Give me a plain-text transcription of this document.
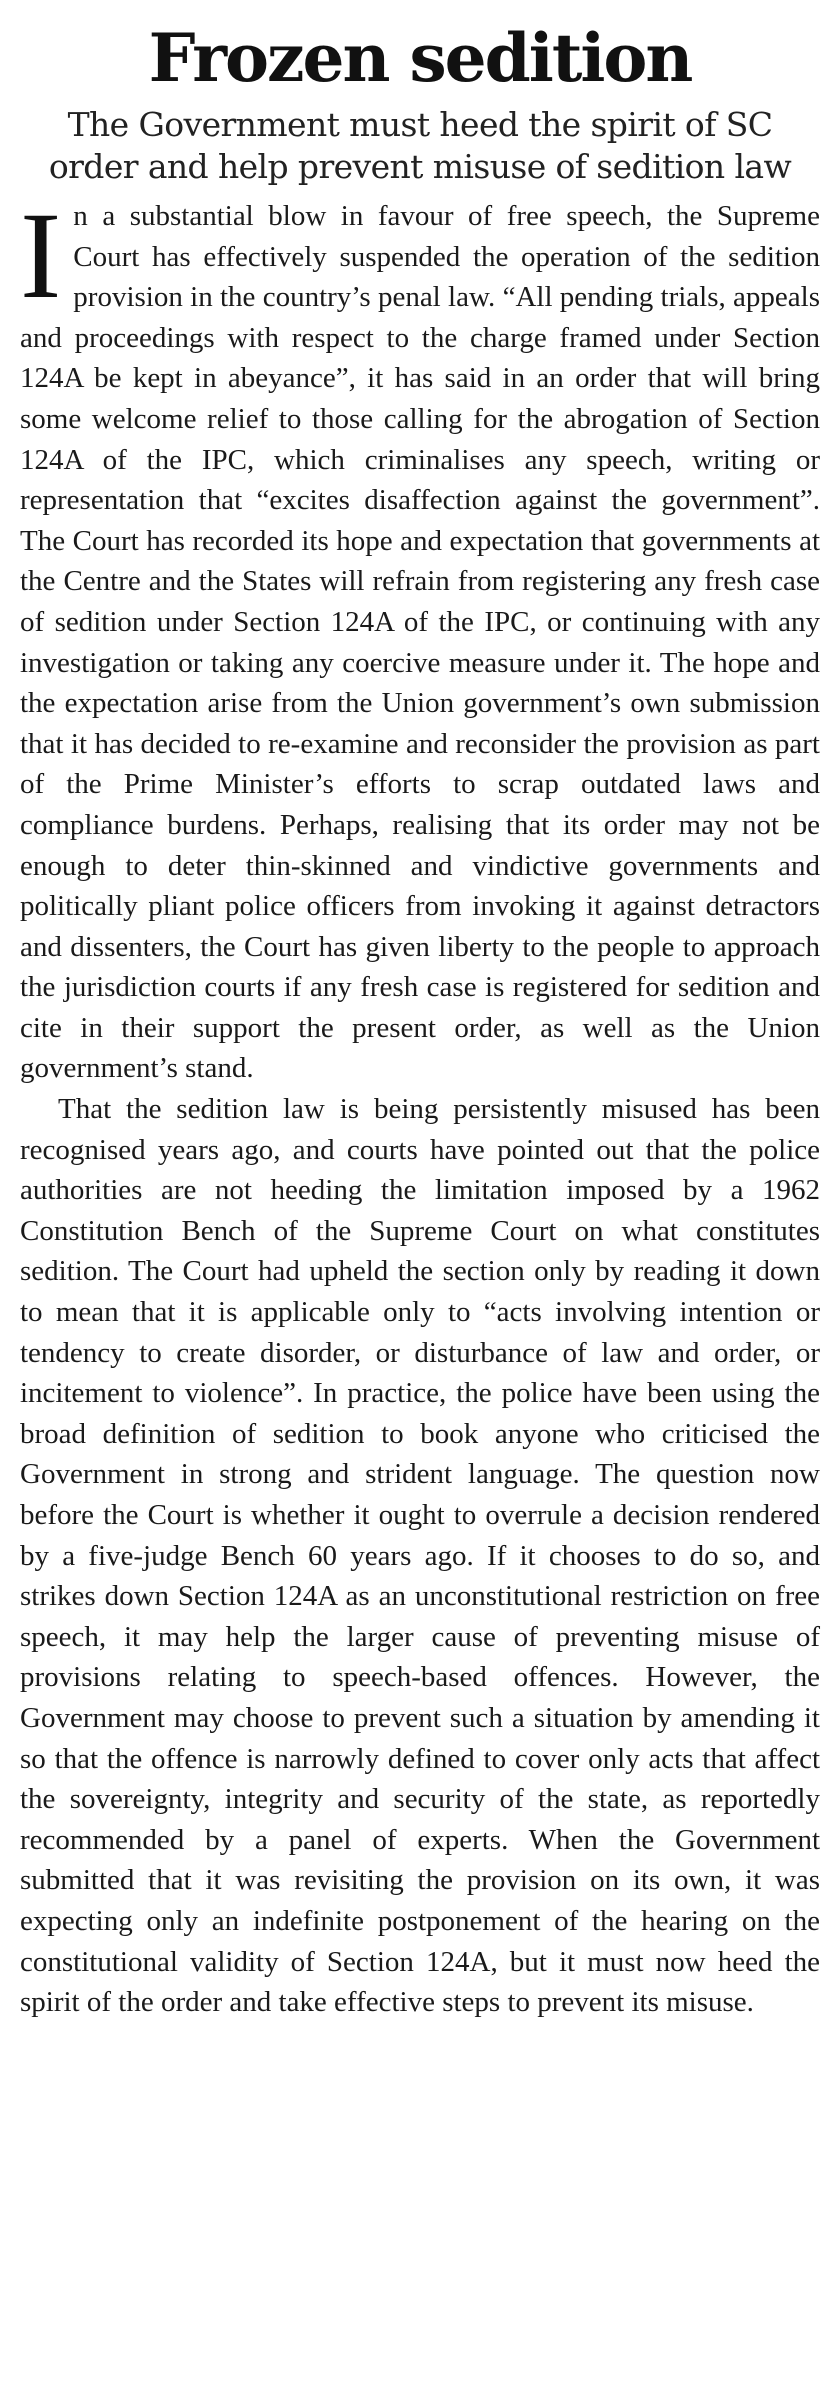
Frozen sedition
The Government must heed the spirit of SC order and help prevent misuse of sedition law

In a substantial blow in favour of free speech, the Supreme Court has effectively suspended the operation of the sedition provision in the country’s penal law. “All pending trials, appeals and proceedings with respect to the charge framed under Section 124A be kept in abeyance”, it has said in an order that will bring some welcome relief to those calling for the abrogation of Section 124A of the IPC, which criminalises any speech, writing or representation that “excites disaffection against the government”. The Court has recorded its hope and expectation that governments at the Centre and the States will refrain from registering any fresh case of sedition under Section 124A of the IPC, or continuing with any investigation or taking any coercive measure under it. The hope and the expectation arise from the Union government’s own submission that it has decided to re-examine and reconsider the provision as part of the Prime Minister’s efforts to scrap outdated laws and compliance burdens. Perhaps, realising that its order may not be enough to deter thin-skinned and vindictive governments and politically pliant police officers from invoking it against detractors and dissenters, the Court has given liberty to the people to approach the jurisdiction courts if any fresh case is registered for sedition and cite in their support the present order, as well as the Union government’s stand.

That the sedition law is being persistently misused has been recognised years ago, and courts have pointed out that the police authorities are not heeding the limitation imposed by a 1962 Constitution Bench of the Supreme Court on what constitutes sedition. The Court had upheld the section only by reading it down to mean that it is applicable only to “acts involving intention or tendency to create disorder, or disturbance of law and order, or incitement to violence”. In practice, the police have been using the broad definition of sedition to book anyone who criticised the Government in strong and strident language. The question now before the Court is whether it ought to overrule a decision rendered by a five-judge Bench 60 years ago. If it chooses to do so, and strikes down Section 124A as an unconstitutional restriction on free speech, it may help the larger cause of preventing misuse of provisions relating to speech-based offences. However, the Government may choose to prevent such a situation by amending it so that the offence is narrowly defined to cover only acts that affect the sovereignty, integrity and security of the state, as reportedly recommended by a panel of experts. When the Government submitted that it was revisiting the provision on its own, it was expecting only an indefinite postponement of the hearing on the constitutional validity of Section 124A, but it must now heed the spirit of the order and take effective steps to prevent its misuse.
